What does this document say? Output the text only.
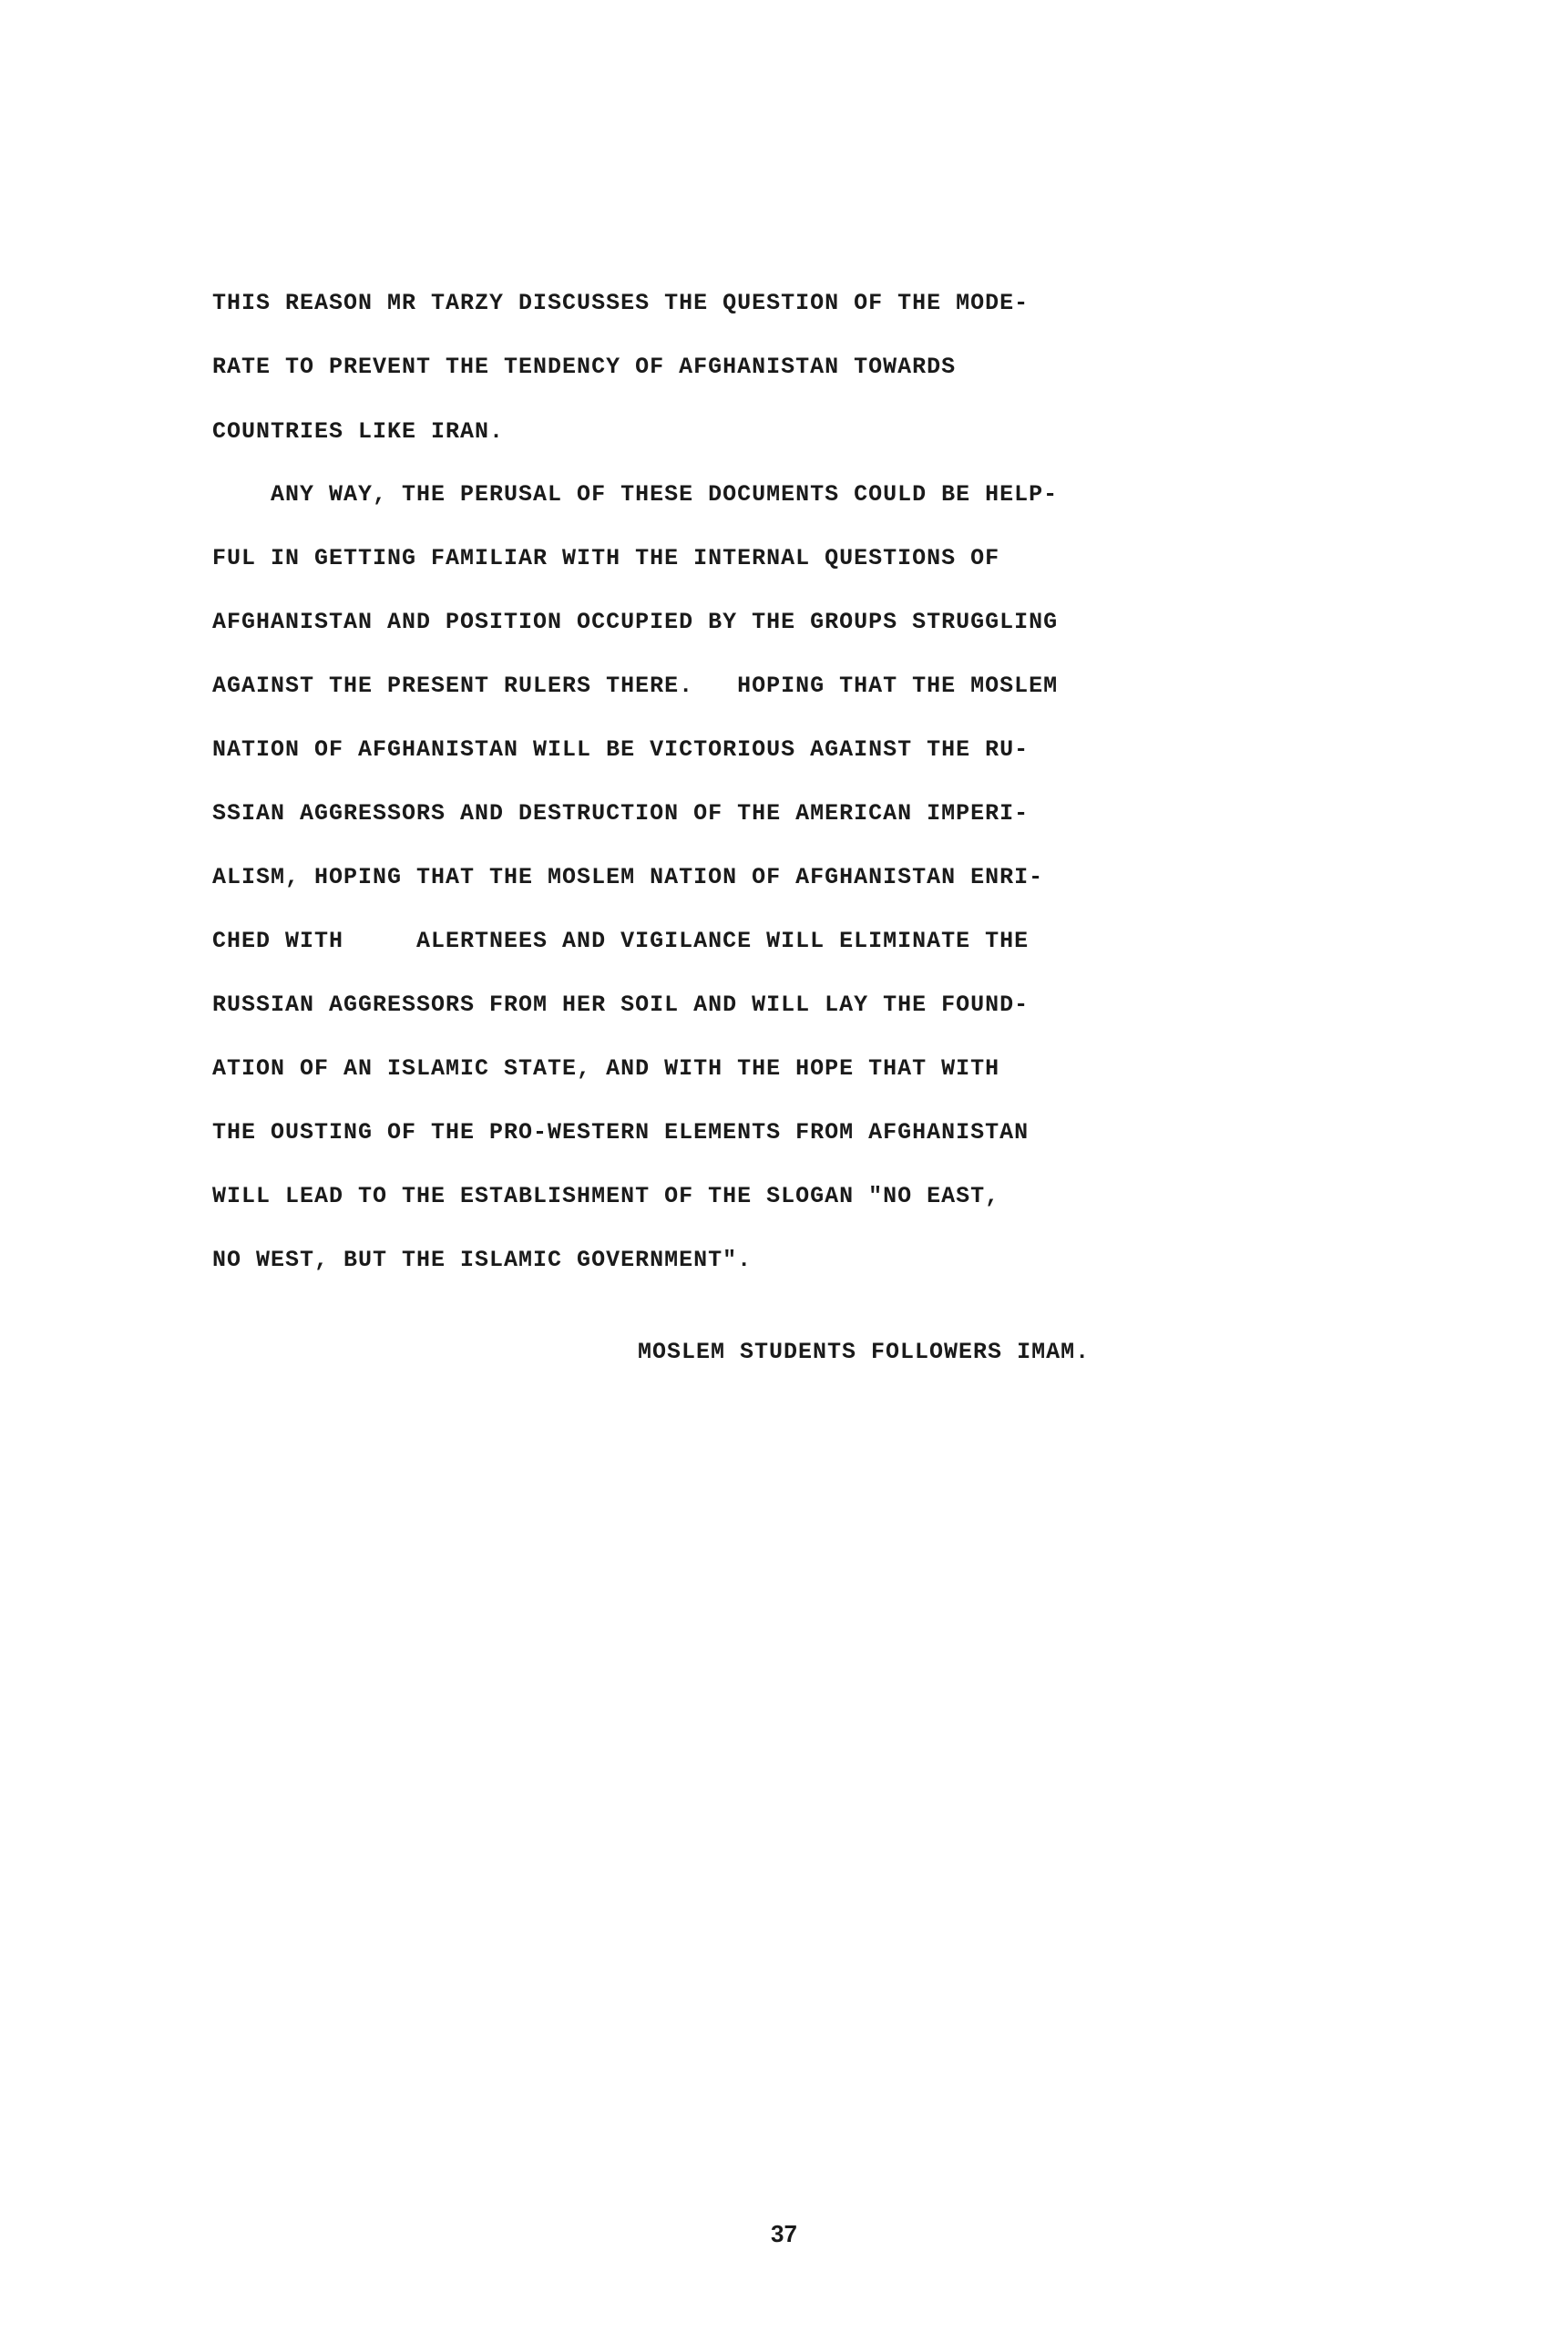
THIS REASON MR TARZY DISCUSSES THE QUESTION OF THE MODE-
RATE TO PREVENT THE TENDENCY OF AFGHANISTAN TOWARDS
COUNTRIES LIKE IRAN.
ANY WAY, THE PERUSAL OF THESE DOCUMENTS COULD BE HELP-
FUL IN GETTING FAMILIAR WITH THE INTERNAL QUESTIONS OF
AFGHANISTAN AND POSITION OCCUPIED BY THE GROUPS STRUGGLING
AGAINST THE PRESENT RULERS THERE.   HOPING THAT THE MOSLEM
NATION OF AFGHANISTAN WILL BE VICTORIOUS AGAINST THE RU-
SSIAN AGGRESSORS AND DESTRUCTION OF THE AMERICAN IMPERI-
ALISM, HOPING THAT THE MOSLEM NATION OF AFGHANISTAN ENRI-
CHED WITH     ALERTNEES AND VIGILANCE WILL ELIMINATE THE
RUSSIAN AGGRESSORS FROM HER SOIL AND WILL LAY THE FOUND-
ATION OF AN ISLAMIC STATE, AND WITH THE HOPE THAT WITH
THE OUSTING OF THE PRO-WESTERN ELEMENTS FROM AFGHANISTAN
WILL LEAD TO THE ESTABLISHMENT OF THE SLOGAN "NO EAST,
NO WEST, BUT THE ISLAMIC GOVERNMENT".
MOSLEM STUDENTS FOLLOWERS IMAM.
37
